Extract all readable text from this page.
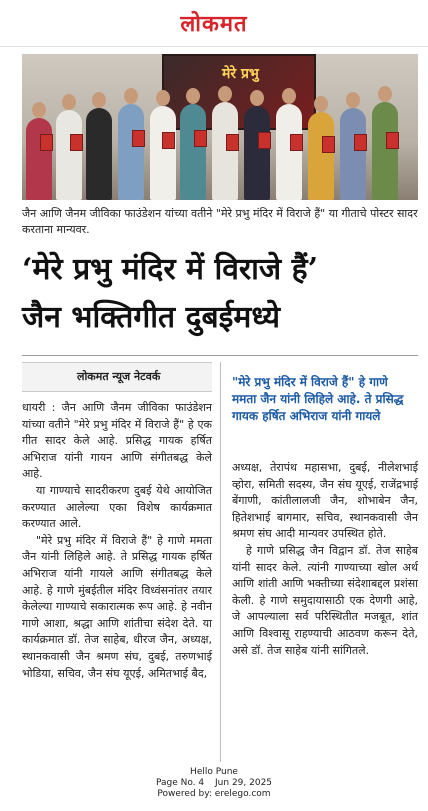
लोकमत
मेरे प्रभु
जैन आणि जैनम जीविका फाउंडेशन यांच्या वतीने "मेरे प्रभु मंदिर में विराजे हैं" या गीताचे पोस्टर सादर करताना मान्यवर.
‘मेरे प्रभु मंदिर में विराजे हैं’
जैन भक्तिगीत दुबईमध्ये
लोकमत न्यूज नेटवर्क

धायरी : जैन आणि जैनम जीविका फाउंडेशन यांच्या वतीने "मेरे प्रभु मंदिर में विराजे हैं" हे एक गीत सादर केले आहे. प्रसिद्ध गायक हर्षित अभिराज यांनी गायन आणि संगीतबद्ध केले आहे.

या गाण्याचे सादरीकरण दुबई येथे आयोजित करण्यात आलेल्या एका विशेष कार्यक्रमात करण्यात आले.

"मेरे प्रभु मंदिर में विराजे हैं" हे गाणे ममता जैन यांनी लिहिले आहे. ते प्रसिद्ध गायक हर्षित अभिराज यांनी गायले आणि संगीतबद्ध केले आहे. हे गाणे मुंबईतील मंदिर विध्वंसनांतर तयार केलेल्या गाण्याचे सकारात्मक रूप आहे. हे नवीन गाणे आशा, श्रद्धा आणि शांतीचा संदेश देते. या कार्यक्रमात डॉ. तेज साहेब, धीरज जैन, अध्यक्ष, स्थानकवासी जैन श्रमण संघ, दुबई, तरुणभाई भोडिया, सचिव, जैन संघ यूएई, अमितभाई बैद,

"मेरे प्रभु मंदिर में विराजे हैं" हे गाणे ममता जैन यांनी लिहिले आहे. ते प्रसिद्ध गायक हर्षित अभिराज यांनी गायले

अध्यक्ष, तेरापंथ महासभा, दुबई, नीलेशभाई व्होरा, समिती सदस्य, जैन संघ यूएई, राजेंद्रभाई बेंगाणी, कांतीलालजी जैन, शोभाबेन जैन, हितेशभाई बागमार, सचिव, स्थानकवासी जैन श्रमण संघ आदी मान्यवर उपस्थित होते.

हे गाणे प्रसिद्ध जैन विद्वान डॉ. तेज साहेब यांनी सादर केले. त्यांनी गाण्याच्या खोल अर्थ आणि शांती आणि भक्तीच्या संदेशाबद्दल प्रशंसा केली. हे गाणे समुदायासाठी एक देणगी आहे, जे आपल्याला सर्व परिस्थितीत मजबूत, शांत आणि विश्वासू राहण्याची आठवण करून देते, असे डॉ. तेज साहेब यांनी सांगितले.

Hello Pune
Page No. 4 Jun 29, 2025
Powered by: erelego.com
